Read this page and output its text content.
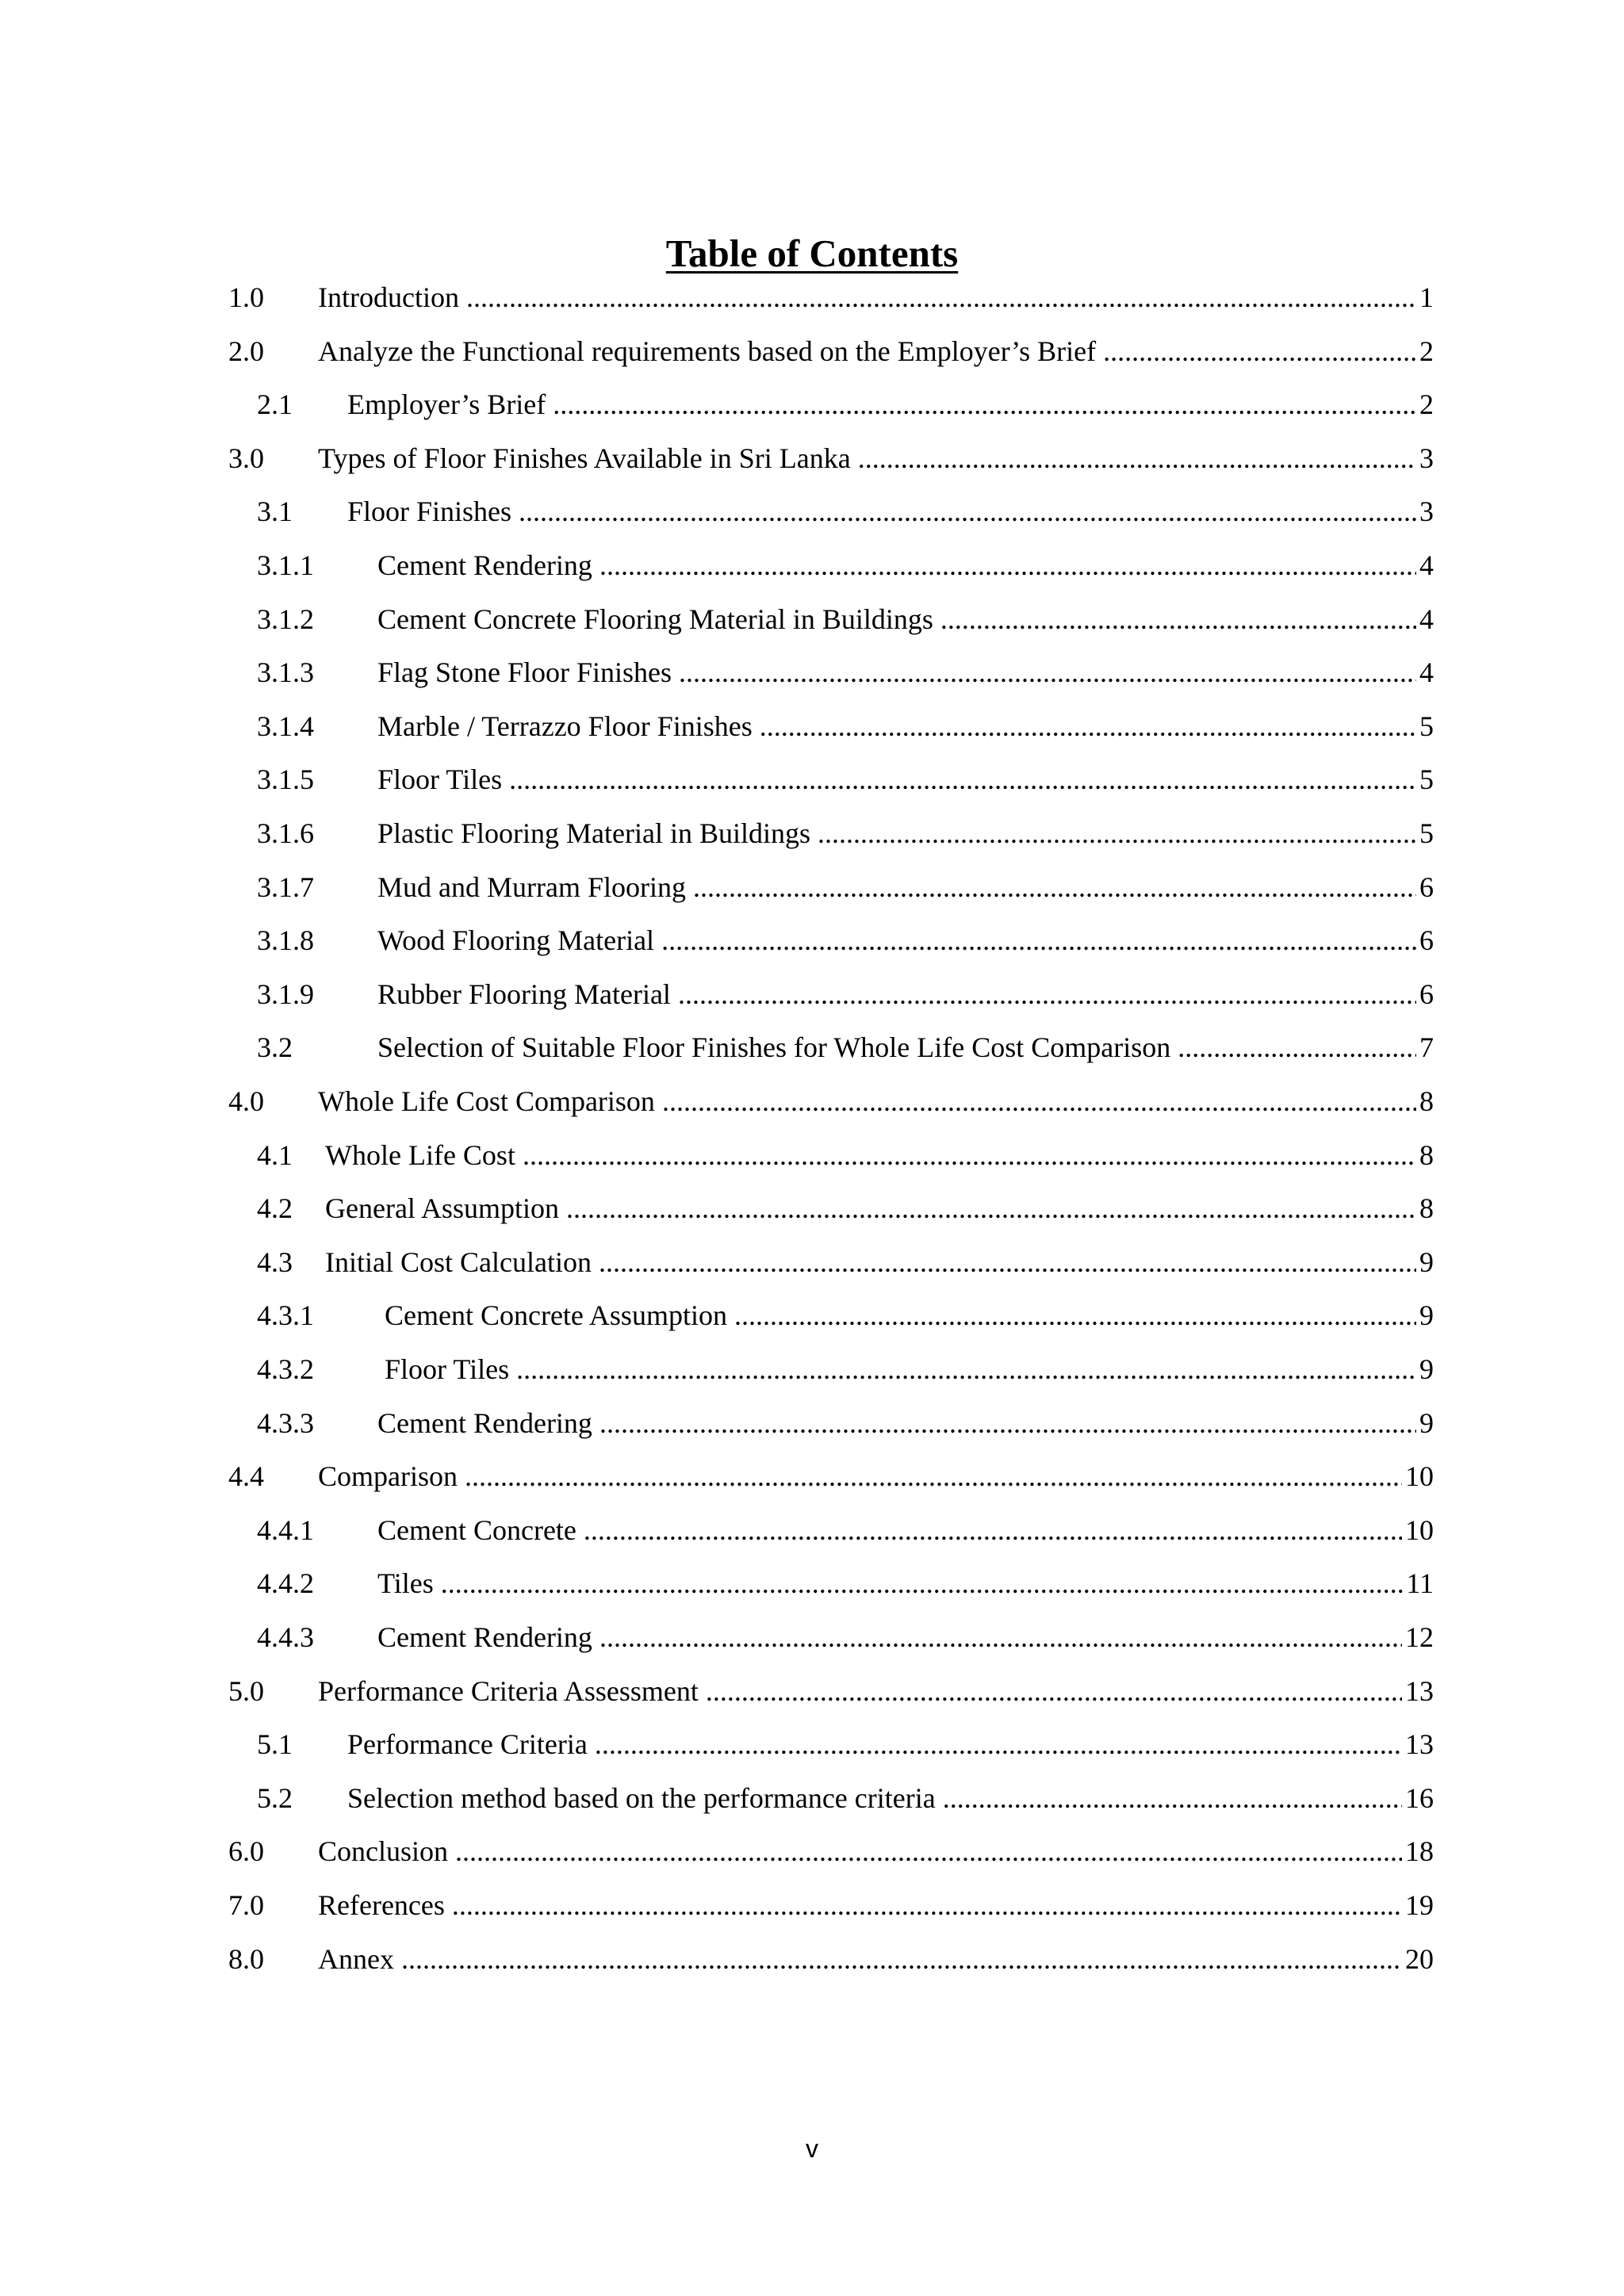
Table of Contents
1.0 Introduction .....	1
2.0 Analyze the Functional requirements based on the Employer’s Brief .....	2
2.1 Employer’s Brief .....	2
3.0 Types of Floor Finishes Available in Sri Lanka .....	3
3.1 Floor Finishes .....	3
3.1.1 Cement Rendering .....	4
3.1.2 Cement Concrete Flooring Material in Buildings .....	4
3.1.3 Flag Stone Floor Finishes .....	4
3.1.4 Marble / Terrazzo Floor Finishes .....	5
3.1.5 Floor Tiles .....	5
3.1.6 Plastic Flooring Material in Buildings .....	5
3.1.7 Mud and Murram Flooring .....	6
3.1.8 Wood Flooring Material .....	6
3.1.9 Rubber Flooring Material .....	6
3.2	Selection of Suitable Floor Finishes for Whole Life Cost Comparison .....	7
4.0 Whole Life Cost Comparison .....	8
4.1 Whole Life Cost .....	8
4.2 General Assumption .....	8
4.3 Initial Cost Calculation .....	9
4.3.1 Cement Concrete Assumption .....	9
4.3.2 Floor Tiles .....	9
4.3.3 Cement Rendering .....	9
4.4 Comparison .....	10
4.4.1 Cement Concrete .....	10
4.4.2 Tiles .....	11
4.4.3 Cement Rendering .....	12
5.0 Performance Criteria Assessment .....	13
5.1 Performance Criteria .....	13
5.2 Selection method based on the performance criteria .....	16
6.0 Conclusion .....	18
7.0 References .....	19
8.0 Annex .....	20
v
